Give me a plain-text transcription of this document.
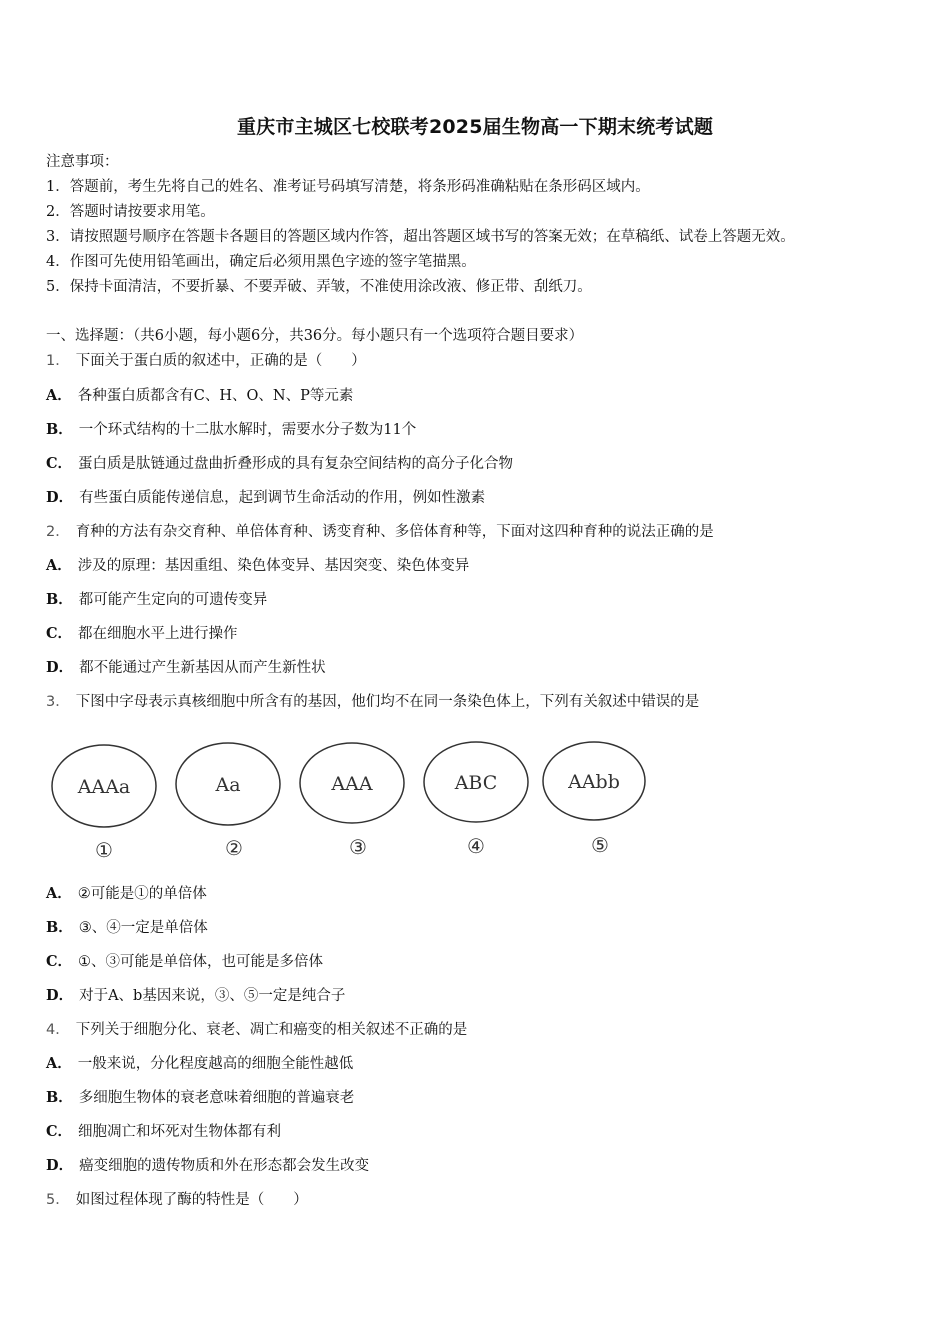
重庆市主城区七校联考2025届生物高一下期末统考试题
注意事项：
1．答题前，考生先将自己的姓名、准考证号码填写清楚，将条形码准确粘贴在条形码区域内。
2．答题时请按要求用笔。
3．请按照题号顺序在答题卡各题目的答题区域内作答，超出答题区域书写的答案无效；在草稿纸、试卷上答题无效。
4．作图可先使用铅笔画出，确定后必须用黑色字迹的签字笔描黑。
5．保持卡面清洁，不要折暴、不要弄破、弄皱，不准使用涂改液、修正带、刮纸刀。
一、选择题：（共6小题，每小题6分，共36分。每小题只有一个选项符合题目要求）
1． 下面关于蛋白质的叙述中，正确的是（　　）
A． 各种蛋白质都含有C、H、O、N、P等元素
B． 一个环式结构的十二肽水解时，需要水分子数为11个
C． 蛋白质是肽链通过盘曲折叠形成的具有复杂空间结构的高分子化合物
D． 有些蛋白质能传递信息，起到调节生命活动的作用，例如性激素
2． 育种的方法有杂交育种、单倍体育种、诱变育种、多倍体育种等，下面对这四种育种的说法正确的是
A． 涉及的原理：基因重组、染色体变异、基因突变、染色体变异
B． 都可能产生定向的可遗传变异
C． 都在细胞水平上进行操作
D． 都不能通过产生新基因从而产生新性状
3． 下图中字母表示真核细胞中所含有的基因，他们均不在同一条染色体上，下列有关叙述中错误的是
AAAa
①
Aa
②
AAA
③
ABC
④
AAbb
⑤
A． ②可能是①的单倍体
B． ③、④一定是单倍体
C． ①、③可能是单倍体，也可能是多倍体
D． 对于A、b基因来说，③、⑤一定是纯合子
4． 下列关于细胞分化、衰老、凋亡和癌变的相关叙述不正确的是
A． 一般来说，分化程度越高的细胞全能性越低
B． 多细胞生物体的衰老意味着细胞的普遍衰老
C． 细胞凋亡和坏死对生物体都有利
D． 癌变细胞的遗传物质和外在形态都会发生改变
5． 如图过程体现了酶的特性是（　　）
